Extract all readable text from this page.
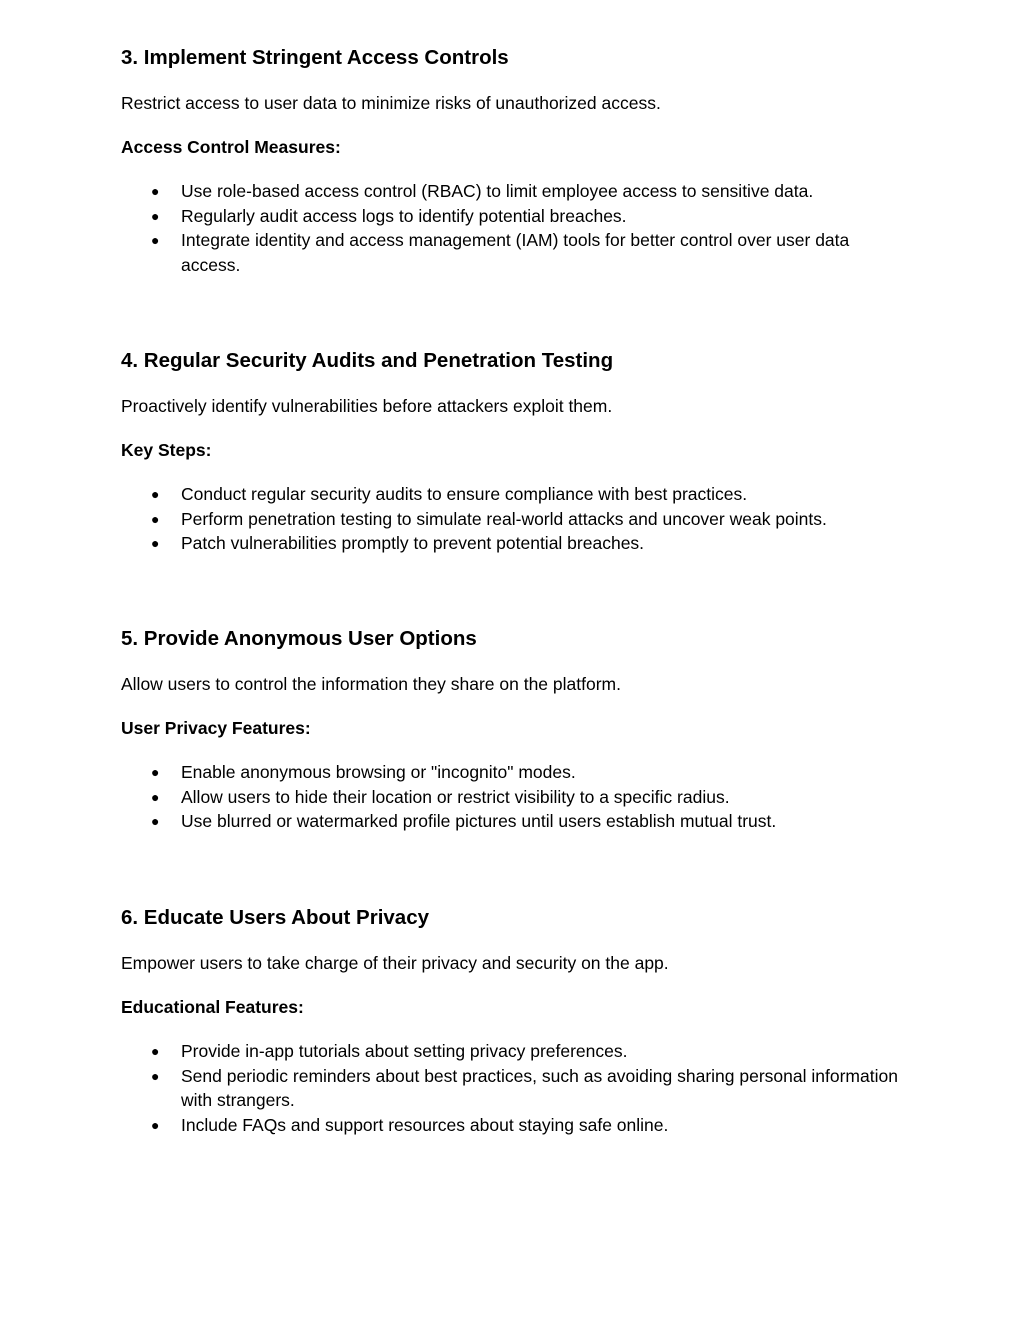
3. Implement Stringent Access Controls

Restrict access to user data to minimize risks of unauthorized access.

Access Control Measures:

● Use role-based access control (RBAC) to limit employee access to sensitive data.
● Regularly audit access logs to identify potential breaches.
● Integrate identity and access management (IAM) tools for better control over user data access.
4. Regular Security Audits and Penetration Testing

Proactively identify vulnerabilities before attackers exploit them.

Key Steps:

● Conduct regular security audits to ensure compliance with best practices.
● Perform penetration testing to simulate real-world attacks and uncover weak points.
● Patch vulnerabilities promptly to prevent potential breaches.
5. Provide Anonymous User Options

Allow users to control the information they share on the platform.

User Privacy Features:

● Enable anonymous browsing or "incognito" modes.
● Allow users to hide their location or restrict visibility to a specific radius.
● Use blurred or watermarked profile pictures until users establish mutual trust.
6. Educate Users About Privacy

Empower users to take charge of their privacy and security on the app.

Educational Features:

● Provide in-app tutorials about setting privacy preferences.
● Send periodic reminders about best practices, such as avoiding sharing personal information with strangers.
● Include FAQs and support resources about staying safe online.
